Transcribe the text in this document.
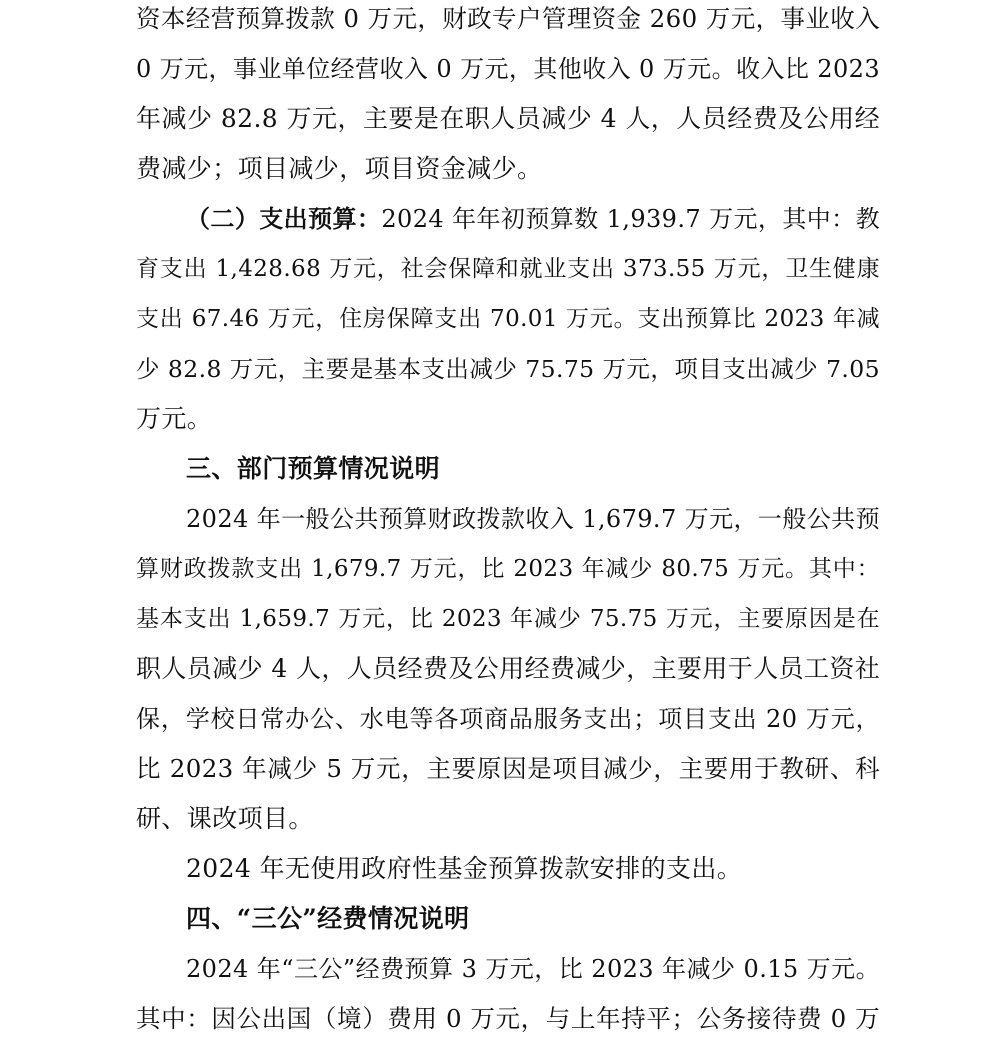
资本经营预算拨款 0 万元，财政专户管理资金 260 万元，事业收入

0 万元，事业单位经营收入 0 万元，其他收入 0 万元。收入比 2023

年减少 82.8 万元，主要是在职人员减少 4 人，人员经费及公用经

费减少；项目减少，项目资金减少。

（二）支出预算：2024 年年初预算数 1,939.7 万元，其中：教

育支出 1,428.68 万元，社会保障和就业支出 373.55 万元，卫生健康

支出 67.46 万元，住房保障支出 70.01 万元。支出预算比 2023 年减

少 82.8 万元，主要是基本支出减少 75.75 万元，项目支出减少 7.05

万元。

三、部门预算情况说明

2024 年一般公共预算财政拨款收入 1,679.7 万元，一般公共预

算财政拨款支出 1,679.7 万元，比 2023 年减少 80.75 万元。其中：

基本支出 1,659.7 万元，比 2023 年减少 75.75 万元，主要原因是在

职人员减少 4 人，人员经费及公用经费减少，主要用于人员工资社

保，学校日常办公、水电等各项商品服务支出；项目支出 20 万元，

比 2023 年减少 5 万元，主要原因是项目减少，主要用于教研、科

研、课改项目。

2024 年无使用政府性基金预算拨款安排的支出。

四、“三公”经费情况说明

2024 年“三公”经费预算 3 万元，比 2023 年减少 0.15 万元。

其中：因公出国（境）费用 0 万元，与上年持平；公务接待费 0 万
